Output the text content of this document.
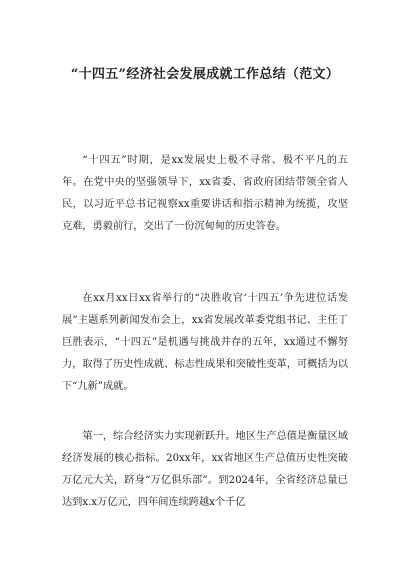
“十四五”经济社会发展成就工作总结（范文）

“十四五”时期，是xx发展史上极不寻常、极不平凡的五年。在党中央的坚强领导下，xx省委、省政府团结带领全省人民，以习近平总书记视察xx重要讲话和指示精神为统揽，攻坚克难，勇毅前行，交出了一份沉甸甸的历史答卷。

在xx月xx日xx省举行的“决胜收官‘十四五’争先进位话发展”主题系列新闻发布会上，xx省发展改革委党组书记、主任丁巨胜表示，“十四五”是机遇与挑战并存的五年，xx通过不懈努力，取得了历史性成就、标志性成果和突破性变革，可概括为以下“九新”成就。

第一，综合经济实力实现新跃升。地区生产总值是衡量区域经济发展的核心指标。20xx年，xx省地区生产总值历史性突破万亿元大关，跻身“万亿俱乐部”。到2024年，全省经济总量已达到x.x万亿元，四年间连续跨越x个千亿
